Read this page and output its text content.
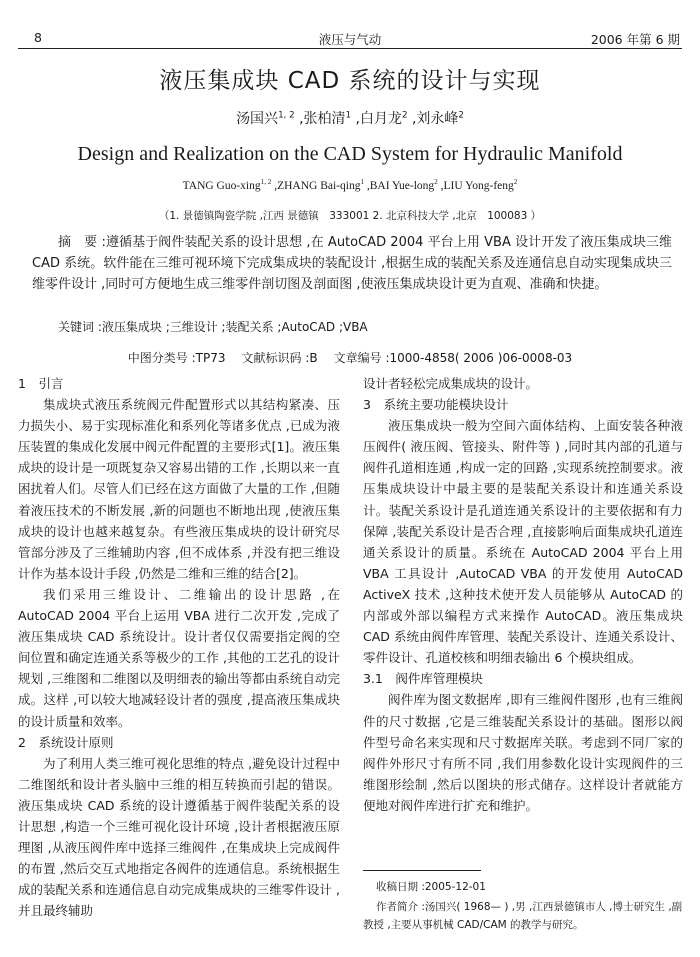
8	液压与气动	2006 年第 6 期
液压集成块 CAD 系统的设计与实现
汤国兴$^{1, 2}$ ,张柏清$^1$ ,白月龙$^2$ ,刘永峰$^2$
Design and Realization on the CAD System for Hydraulic Manifold
TANG Guo-xing$^{1, 2}$ ,ZHANG Bai-qing$^1$ ,BAI Yue-long$^2$ ,LIU Yong-feng$^2$
（1. 景德镇陶瓷学院 ,江西 景德镇　333001 2. 北京科技大学 ,北京　100083 ）

摘　要 :遵循基于阀件装配关系的设计思想 ,在 AutoCAD 2004 平台上用 VBA 设计开发了液压集成块三维 CAD 系统。软件能在三维可视环境下完成集成块的装配设计 ,根据生成的装配关系及连通信息自动实现集成块三维零件设计 ,同时可方便地生成三维零件剖切图及剖面图 ,使液压集成块设计更为直观、准确和快捷。

关键词 :液压集成块 ;三维设计 ;装配关系 ;AutoCAD ;VBA
中图分类号 :TP73 文献标识码 :B 文章编号 :1000-4858( 2006 )06-0008-03
1　引言

集成块式液压系统阀元件配置形式以其结构紧凑、压力损失小、易于实现标准化和系列化等诸多优点 ,已成为液压装置的集成化发展中阀元件配置的主要形式[1]。液压集成块的设计是一项既复杂又容易出错的工作 ,长期以来一直困扰着人们。尽管人们已经在这方面做了大量的工作 ,但随着液压技术的不断发展 ,新的问题也不断地出现 ,使液压集成块的设计也越来越复杂。有些液压集成块的设计研究尽管部分涉及了三维辅助内容 ,但不成体系 ,并没有把三维设计作为基本设计手段 ,仍然是二维和三维的结合[2]。

我们采用三维设计、二维输出的设计思路 ,在 AutoCAD 2004 平台上运用 VBA 进行二次开发 ,完成了液压集成块 CAD 系统设计。设计者仅仅需要指定阀的空间位置和确定连通关系等极少的工作 ,其他的工艺孔的设计规划 ,三维图和二维图以及明细表的输出等都由系统自动完成。这样 ,可以较大地减轻设计者的强度 ,提高液压集成块的设计质量和效率。

2　系统设计原则

为了利用人类三维可视化思维的特点 ,避免设计过程中二维图纸和设计者头脑中三维的相互转换而引起的错误。液压集成块 CAD 系统的设计遵循基于阀件装配关系的设计思想 ,构造一个三维可视化设计环境 ,设计者根据液压原理图 ,从液压阀件库中选择三维阀件 ,在集成块上完成阀件的布置 ,然后交互式地指定各阀件的连通信息。系统根据生成的装配关系和连通信息自动完成集成块的三维零件设计 ,并且最终辅助

设计者轻松完成集成块的设计。

3　系统主要功能模块设计

液压集成块一般为空间六面体结构、上面安装各种液压阀件( 液压阀、管接头、附件等 ) ,同时其内部的孔道与阀件孔道相连通 ,构成一定的回路 ,实现系统控制要求。液压集成块设计中最主要的是装配关系设计和连通关系设计。装配关系设计是孔道连通关系设计的主要依据和有力保障 ,装配关系设计是否合理 ,直接影响后面集成块孔道连通关系设计的质量。系统在 AutoCAD 2004 平台上用 VBA 工具设计 ,AutoCAD VBA 的开发使用 AutoCAD ActiveX 技术 ,这种技术使开发人员能够从 AutoCAD 的内部或外部以编程方式来操作 AutoCAD。液压集成块 CAD 系统由阀件库管理、装配关系设计、连通关系设计、零件设计、孔道校核和明细表输出 6 个模块组成。

3.1　阀件库管理模块

阀件库为图文数据库 ,即有三维阀件图形 ,也有三维阀件的尺寸数据 ,它是三维装配关系设计的基础。图形以阀件型号命名来实现和尺寸数据库关联。考虑到不同厂家的阀件外形尺寸有所不同 ,我们用参数化设计实现阀件的三维图形绘制 ,然后以图块的形式储存。这样设计者就能方便地对阀件库进行扩充和维护。

收稿日期 :2005-12-01
作者简介 :汤国兴( 1968— ) ,男 ,江西景德镇市人 ,博士研究生 ,副教授 ,主要从事机械 CAD/CAM 的教学与研究。
